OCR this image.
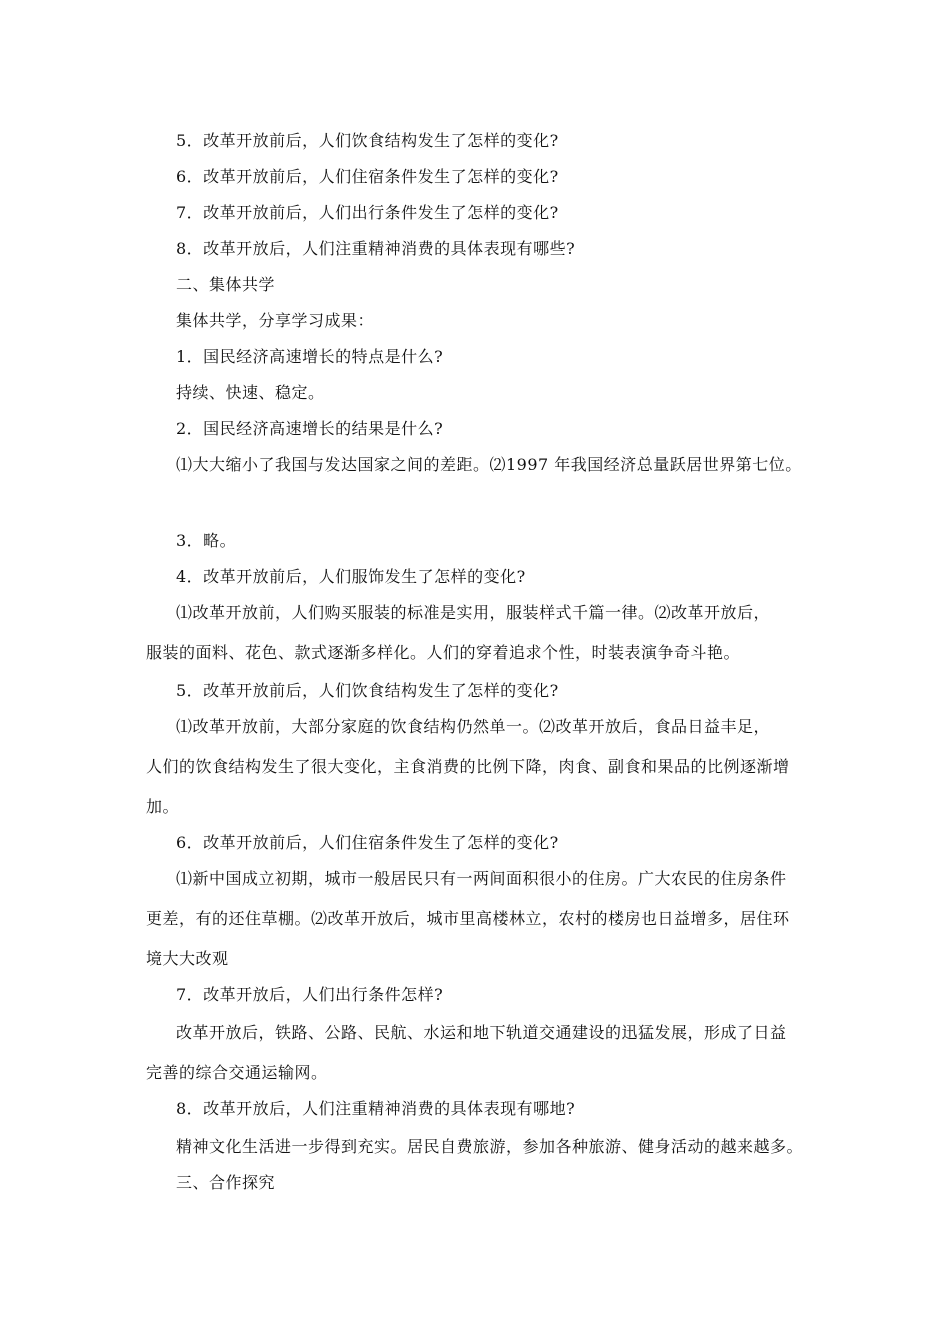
5．改革开放前后，人们饮食结构发生了怎样的变化?
6．改革开放前后，人们住宿条件发生了怎样的变化?
7．改革开放前后，人们出行条件发生了怎样的变化?
8．改革开放后，人们注重精神消费的具体表现有哪些?
二、集体共学
集体共学，分享学习成果：
1．国民经济高速增长的特点是什么?
持续、快速、稳定。
2．国民经济高速增长的结果是什么?
⑴大大缩小了我国与发达国家之间的差距。⑵1997 年我国经济总量跃居世界第七位。
3．略。
4．改革开放前后，人们服饰发生了怎样的变化?
⑴改革开放前，人们购买服装的标准是实用，服装样式千篇一律。⑵改革开放后，
服装的面料、花色、款式逐渐多样化。人们的穿着追求个性，时装表演争奇斗艳。
5．改革开放前后，人们饮食结构发生了怎样的变化?
⑴改革开放前，大部分家庭的饮食结构仍然单一。⑵改革开放后，食品日益丰足，
人们的饮食结构发生了很大变化，主食消费的比例下降，肉食、副食和果品的比例逐渐增
加。
6．改革开放前后，人们住宿条件发生了怎样的变化?
⑴新中国成立初期，城市一般居民只有一两间面积很小的住房。广大农民的住房条件
更差，有的还住草棚。⑵改革开放后，城市里高楼林立，农村的楼房也日益增多，居住环
境大大改观
7．改革开放后，人们出行条件怎样?
改革开放后，铁路、公路、民航、水运和地下轨道交通建设的迅猛发展，形成了日益
完善的综合交通运输网。
8．改革开放后，人们注重精神消费的具体表现有哪地?
精神文化生活进一步得到充实。居民自费旅游，参加各种旅游、健身活动的越来越多。
三、合作探究
